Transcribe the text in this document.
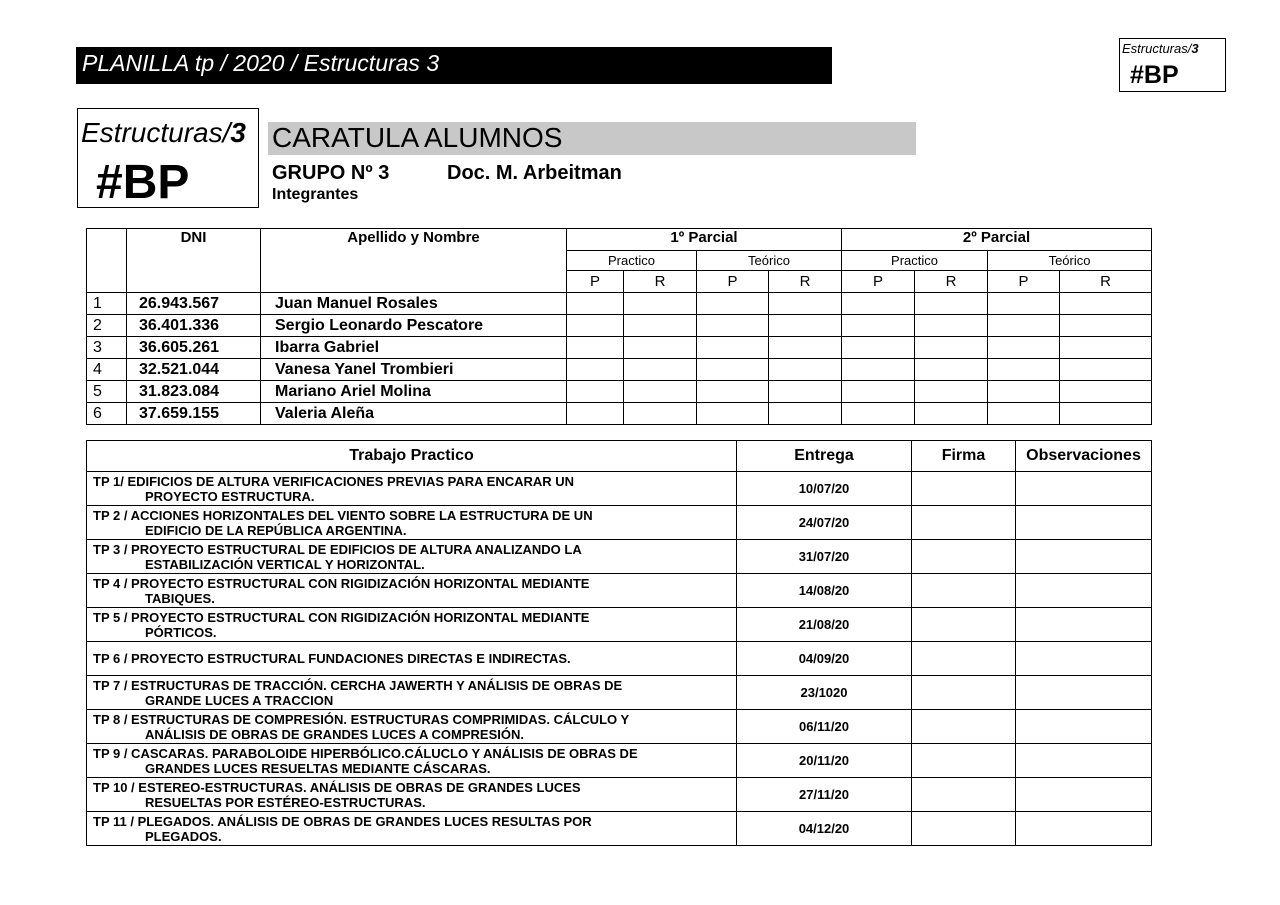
PLANILLA tp / 2020 / Estructuras 3
Estructuras/3
#BP
Estructuras/3
#BP
CARATULA ALUMNOS
GRUPO Nº 3	Doc. M. Arbeitman
Integrantes
	DNI	Apellido y Nombre	1º Parcial				2º Parcial			
			Practico		Teórico		Practico		Teórico	
			P	R	P	R	P	R	P	R
1	26.943.567	Juan Manuel Rosales								
2	36.401.336	Sergio Leonardo Pescatore								
3	36.605.261	Ibarra Gabriel								
4	32.521.044	Vanesa Yanel Trombieri								
5	31.823.084	Mariano Ariel Molina								
6	37.659.155	Valeria Aleña								
Trabajo Practico	Entrega	Firma	Observaciones

TP 1/ EDIFICIOS DE ALTURA VERIFICACIONES PREVIAS PARA ENCARAR UN
PROYECTO ESTRUCTURA.	10/07/20		

TP 2 / ACCIONES HORIZONTALES DEL VIENTO SOBRE LA ESTRUCTURA DE UN
EDIFICIO DE LA REPÚBLICA ARGENTINA.	24/07/20		

TP 3 / PROYECTO ESTRUCTURAL DE EDIFICIOS DE ALTURA ANALIZANDO LA
ESTABILIZACIÓN VERTICAL Y HORIZONTAL.	31/07/20		

TP 4 / PROYECTO ESTRUCTURAL CON RIGIDIZACIÓN HORIZONTAL MEDIANTE
TABIQUES.	14/08/20		

TP 5 / PROYECTO ESTRUCTURAL CON RIGIDIZACIÓN HORIZONTAL MEDIANTE
PÓRTICOS.	21/08/20		

TP 6 / PROYECTO ESTRUCTURAL FUNDACIONES DIRECTAS E INDIRECTAS.	04/09/20		

TP 7 / ESTRUCTURAS DE TRACCIÓN. CERCHA JAWERTH Y ANÁLISIS DE OBRAS DE
GRANDE LUCES A TRACCION	23/1020		

TP 8 / ESTRUCTURAS DE COMPRESIÓN. ESTRUCTURAS COMPRIMIDAS. CÁLCULO Y
ANÁLISIS DE OBRAS DE GRANDES LUCES A COMPRESIÓN.	06/11/20		

TP 9 / CASCARAS. PARABOLOIDE HIPERBÓLICO.CÁLUCLO Y ANÁLISIS DE OBRAS DE
GRANDES LUCES RESUELTAS MEDIANTE CÁSCARAS.	20/11/20		

TP 10 / ESTEREO-ESTRUCTURAS. ANÁLISIS DE OBRAS DE GRANDES LUCES
RESUELTAS POR ESTÉREO-ESTRUCTURAS.	27/11/20		

TP 11 / PLEGADOS. ANÁLISIS DE OBRAS DE GRANDES LUCES RESULTAS POR
PLEGADOS.	04/12/20		
